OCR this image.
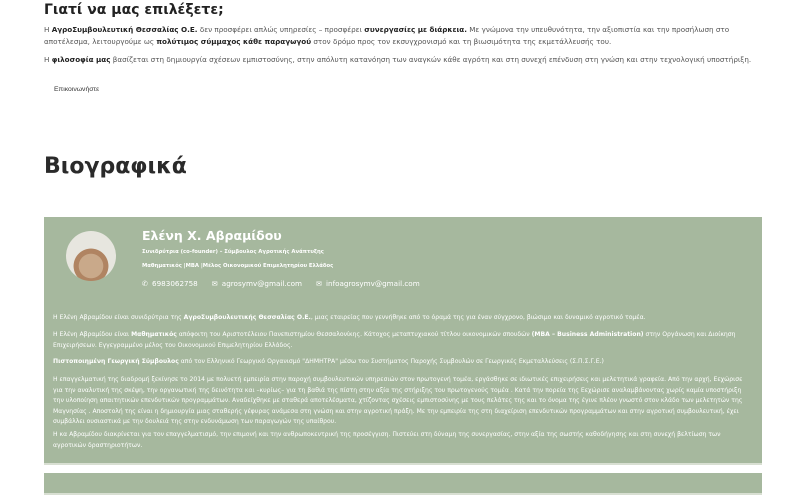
Γιατί να μας επιλέξετε;

Η ΑγροΣυμβουλευτική Θεσσαλίας Ο.Ε. δεν προσφέρει απλώς υπηρεσίες – προσφέρει συνεργασίες με διάρκεια. Με γνώμονα την υπευθυνότητα, την αξιοπιστία και την προσήλωση στο αποτέλεσμα, λειτουργούμε ως πολύτιμος σύμμαχος κάθε παραγωγού στον δρόμο προς τον εκσυγχρονισμό και τη βιωσιμότητα της εκμετάλλευσής του.

Η φιλοσοφία μας βασίζεται στη δημιουργία σχέσεων εμπιστοσύνης, στην απόλυτη κατανόηση των αναγκών κάθε αγρότη και στη συνεχή επένδυση στη γνώση και στην τεχνολογική υποστήριξη.

Επικοινωνήστε
Βιογραφικά
Ελένη Χ. Αβραμίδου
Συνιδρύτρια (co-founder) – Σύμβουλος Αγροτικής Ανάπτυξης
Μαθηματικός |ΜΒΑ |Μέλος Οικονομικού Επιμελητηρίου Ελλάδος
✆ 6983062758 ✉ agrosymv@gmail.com ✉ infoagrosymv@gmail.com

Η Ελένη Αβραμίδου είναι συνιδρύτρια της ΑγροΣυμβουλευτικής Θεσσαλίας Ο.Ε., μιας εταιρείας που γεννήθηκε από το όραμά της για έναν σύγχρονο, βιώσιμο και δυναμικό αγροτικό τομέα.

Η Ελένη Αβραμίδου είναι Μαθηματικός απόφοιτη του Αριστοτέλειου Πανεπιστημίου Θεσσαλονίκης. Κάτοχος μεταπτυχιακού τίτλου οικονομικών σπουδών (MBA – Business Administration) στην Οργάνωση και Διοίκηση Επιχειρήσεων. Εγγεγραμμένο μέλος του Οικονομικού Επιμελητηρίου Ελλάδος.

Πιστοποιημένη Γεωργική Σύμβουλος από τον Ελληνικό Γεωργικό Οργανισμό "ΔΗΜΗΤΡΑ" μέσω του Συστήματος Παροχής Συμβουλών σε Γεωργικές Εκμεταλλεύσεις (Σ.Π.Σ.Γ.Ε.)

Η επαγγελματική της διαδρομή ξεκίνησε το 2014 με πολυετή εμπειρία στην παροχή συμβουλευτικών υπηρεσιών στον πρωτογενή τομέα, εργάσθηκε σε ιδιωτικές επιχειρήσεις και μελετητικά γραφεία. Από την αρχή, Εεχώρισε για την αναλυτική της σκέψη, την οργανωτική της δεινότητα και –κυρίως– για τη βαθιά της πίστη στην αξία της στήριξης του πρωτογενούς τομέα . Κατά την πορεία της Εεχώρισε αναλαμβάνοντας χωρίς καμία υποστήριξη την υλοποίηση απαιτητικών επενδυτικών προγραμμάτων. Αναδείχθηκε με σταθερά αποτελέσματα, χτίζοντας σχέσεις εμπιστοσύνης με τους πελάτες της και το όνομα της έγινε πλέον γνωστό στον κλάδο των μελετητών της Μαγνησίας . Αποστολή της είναι η δημιουργία μιας σταθερής γέφυρας ανάμεσα στη γνώση και στην αγροτική πράξη. Με την εμπειρία της στη διαχείριση επενδυτικών προγραμμάτων και στην αγροτική συμβουλευτική, έχει συμβάλλει ουσιαστικά με την δουλειά της στην ενδυνάμωση των παραγωγών της υπαίθρου.

Η κα Αβραμίδου διακρίνεται για τον επαγγελματισμό, την επιμονή και την ανθρωποκεντρική της προσέγγιση. Πιστεύει στη δύναμη της συνεργασίας, στην αξία της σωστής καθοδήγησης και στη συνεχή βελτίωση των αγροτικών δραστηριοτήτων.
